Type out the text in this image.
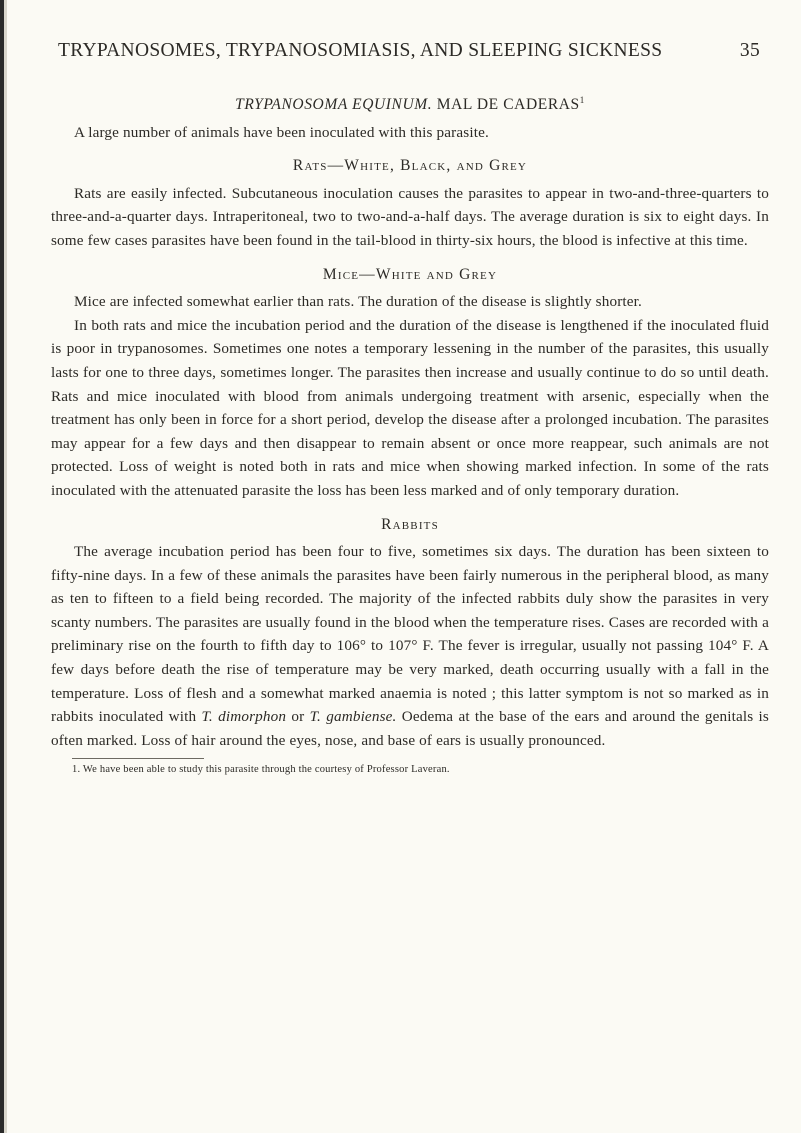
TRYPANOSOMES, TRYPANOSOMIASIS, AND SLEEPING SICKNESS	35
TRYPANOSOMA EQUINUM. MAL DE CADERAS$^1$

A large number of animals have been inoculated with this parasite.

Rats—White, Black, and Grey

Rats are easily infected. Subcutaneous inoculation causes the parasites to appear in two-and-three-quarters to three-and-a-quarter days. Intraperitoneal, two to two-and-a-half days. The average duration is six to eight days. In some few cases parasites have been found in the tail-blood in thirty-six hours, the blood is infective at this time.

Mice—White and Grey

Mice are infected somewhat earlier than rats. The duration of the disease is slightly shorter.

In both rats and mice the incubation period and the duration of the disease is lengthened if the inoculated fluid is poor in trypanosomes. Sometimes one notes a temporary lessening in the number of the parasites, this usually lasts for one to three days, sometimes longer. The parasites then increase and usually continue to do so until death. Rats and mice inoculated with blood from animals undergoing treatment with arsenic, especially when the treatment has only been in force for a short period, develop the disease after a prolonged incubation. The parasites may appear for a few days and then disappear to remain absent or once more reappear, such animals are not protected. Loss of weight is noted both in rats and mice when showing marked infection. In some of the rats inoculated with the attenuated parasite the loss has been less marked and of only temporary duration.

Rabbits

The average incubation period has been four to five, sometimes six days. The duration has been sixteen to fifty-nine days. In a few of these animals the parasites have been fairly numerous in the peripheral blood, as many as ten to fifteen to a field being recorded. The majority of the infected rabbits duly show the parasites in very scanty numbers. The parasites are usually found in the blood when the temperature rises. Cases are recorded with a preliminary rise on the fourth to fifth day to 106° to 107° F. The fever is irregular, usually not passing 104° F. A few days before death the rise of temperature may be very marked, death occurring usually with a fall in the temperature. Loss of flesh and a somewhat marked anaemia is noted ; this latter symptom is not so marked as in rabbits inoculated with T. dimorphon or T. gambiense. Oedema at the base of the ears and around the genitals is often marked. Loss of hair around the eyes, nose, and base of ears is usually pronounced.

1. We have been able to study this parasite through the courtesy of Professor Laveran.
